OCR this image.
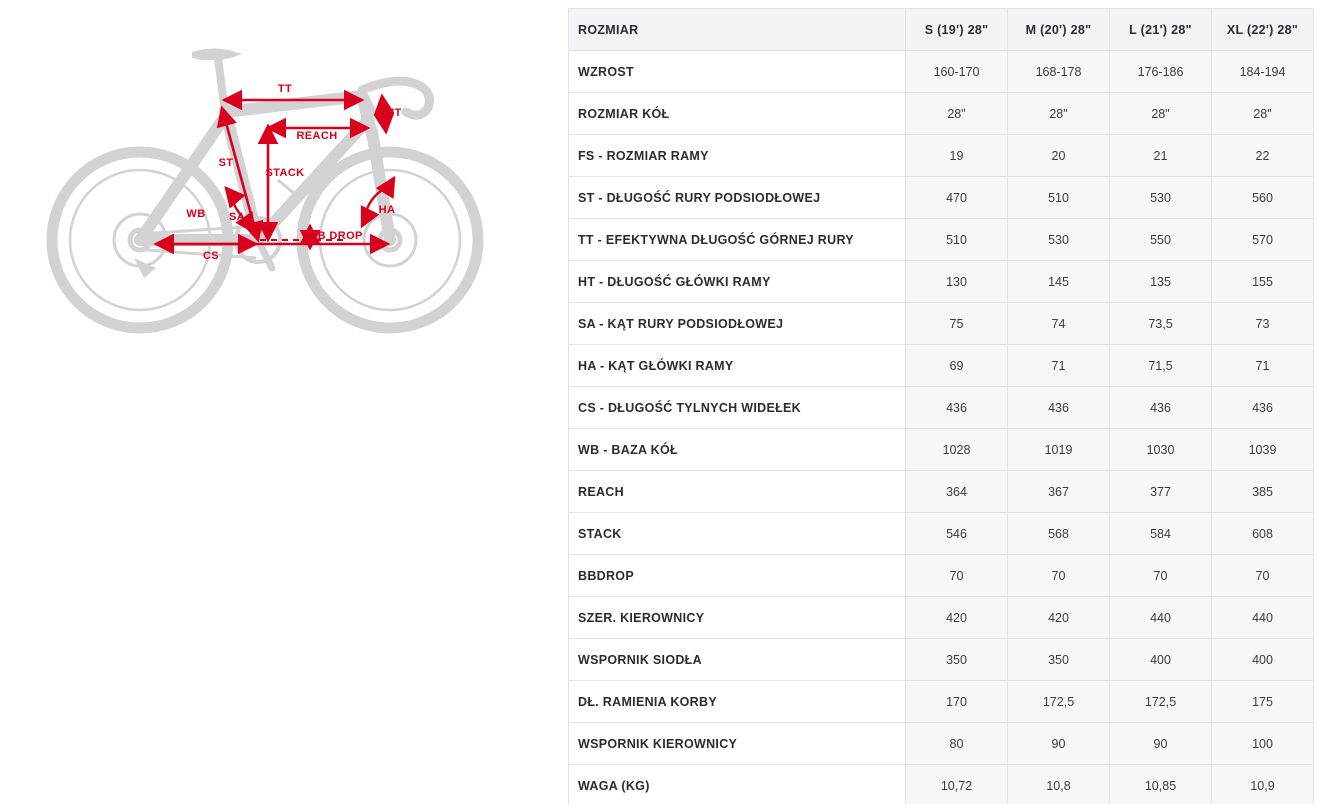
TT
HT
REACH
ST
STACK
WB SA
HA
BB DROP
CS
ROZMIAR	S (19') 28"	M (20') 28"	L (21') 28"	XL (22') 28"
WZROST	160-170	168-178	176-186	184-194
ROZMIAR KÓŁ	28"	28"	28"	28"
FS - ROZMIAR RAMY	19	20	21	22
ST - DŁUGOŚĆ RURY PODSIODŁOWEJ	470	510	530	560
TT - EFEKTYWNA DŁUGOŚĆ GÓRNEJ RURY	510	530	550	570
HT - DŁUGOŚĆ GŁÓWKI RAMY	130	145	135	155
SA - KĄT RURY PODSIODŁOWEJ	75	74	73,5	73
HA - KĄT GŁÓWKI RAMY	69	71	71,5	71
CS - DŁUGOŚĆ TYLNYCH WIDEŁEK	436	436	436	436
WB - BAZA KÓŁ	1028	1019	1030	1039
REACH	364	367	377	385
STACK	546	568	584	608
BBDROP	70	70	70	70
SZER. KIEROWNICY	420	420	440	440
WSPORNIK SIODŁA	350	350	400	400
DŁ. RAMIENIA KORBY	170	172,5	172,5	175
WSPORNIK KIEROWNICY	80	90	90	100
WAGA (KG)	10,72	10,8	10,85	10,9
